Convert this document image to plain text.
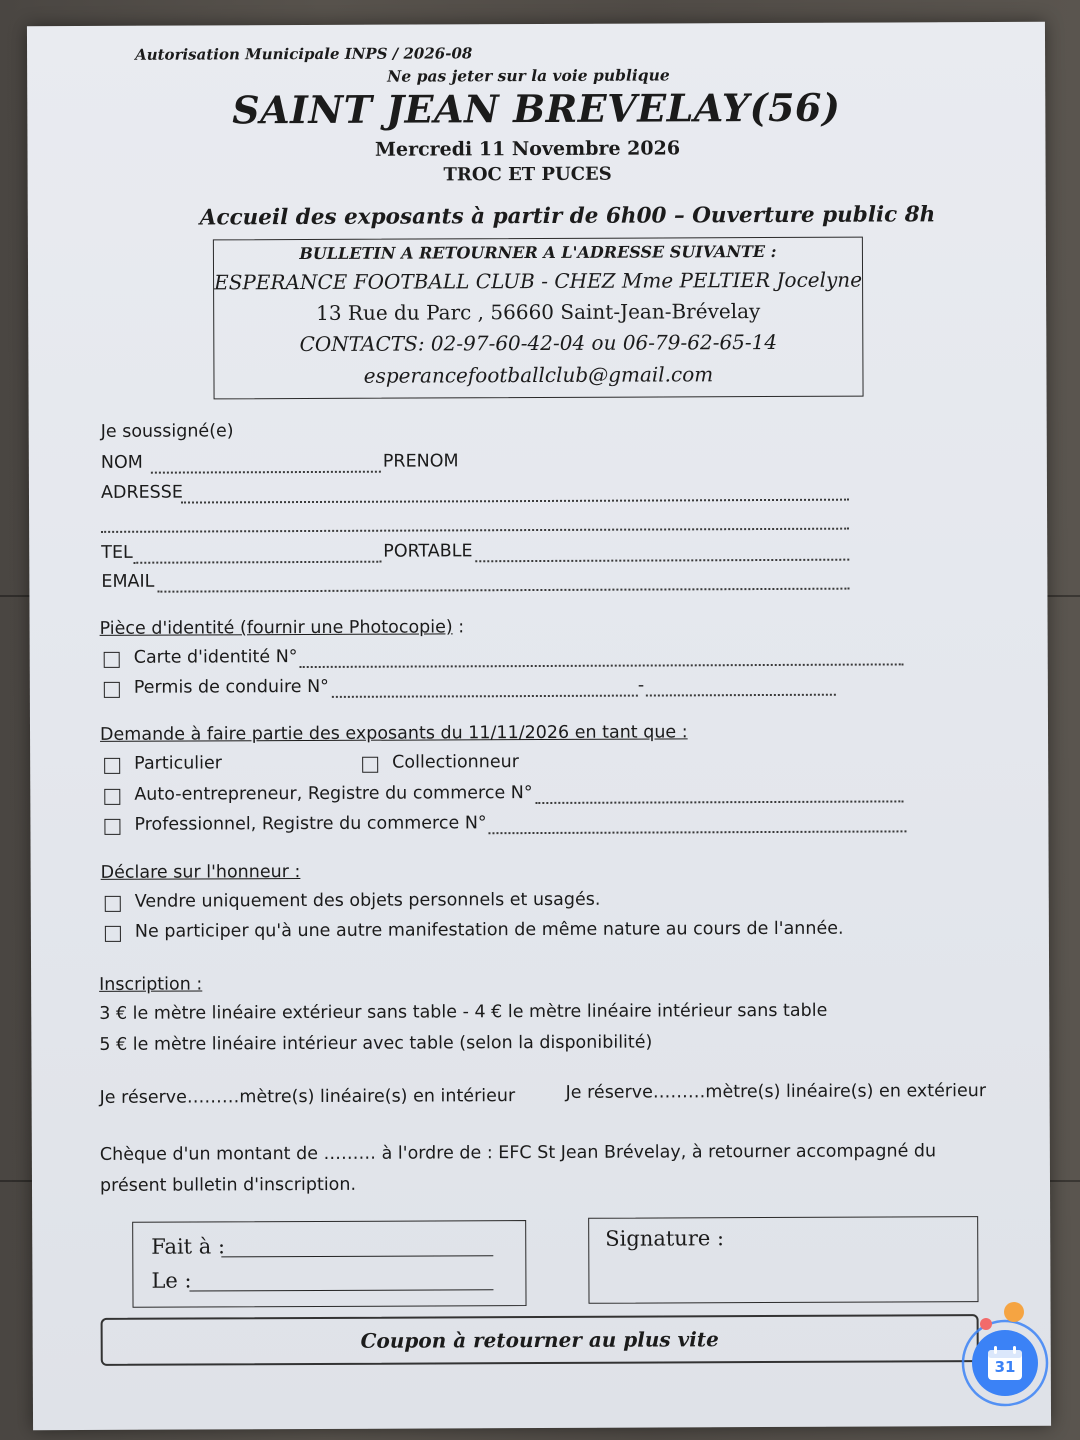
Autorisation Municipale INPS / 2026-08
Ne pas jeter sur la voie publique
SAINT JEAN BREVELAY(56)
Mercredi 11 Novembre 2026
TROC ET PUCES
Accueil des exposants à partir de 6h00 – Ouverture public 8h
BULLETIN A RETOURNER A L'ADRESSE SUIVANTE :
ESPERANCE FOOTBALL CLUB - CHEZ Mme PELTIER Jocelyne
13 Rue du Parc , 56660 Saint-Jean-Brévelay
CONTACTS: 02-97-60-42-04 ou 06-79-62-65-14
esperancefootballclub@gmail.com
Je soussigné(e)
NOM	PRENOM
ADRESSE
TEL	PORTABLE
EMAIL
Pièce d'identité (fournir une Photocopie) :
Carte d'identité N°
Permis de conduire N°	-
Demande à faire partie des exposants du 11/11/2026 en tant que :
Particulier	Collectionneur
Auto-entrepreneur, Registre du commerce N°
Professionnel, Registre du commerce N°
Déclare sur l'honneur :
Vendre uniquement des objets personnels et usagés.
Ne participer qu'à une autre manifestation de même nature au cours de l'année.
Inscription :
3 € le mètre linéaire extérieur sans table - 4 € le mètre linéaire intérieur sans table
5 € le mètre linéaire intérieur avec table (selon la disponibilité)
Je réserve………mètre(s) linéaire(s) en intérieur	Je réserve………mètre(s) linéaire(s) en extérieur
Chèque d'un montant de ……… à l'ordre de : EFC St Jean Brévelay, à retourner accompagné du
présent bulletin d'inscription.
Fait à :
Le :
Signature :
Coupon à retourner au plus vite
31
